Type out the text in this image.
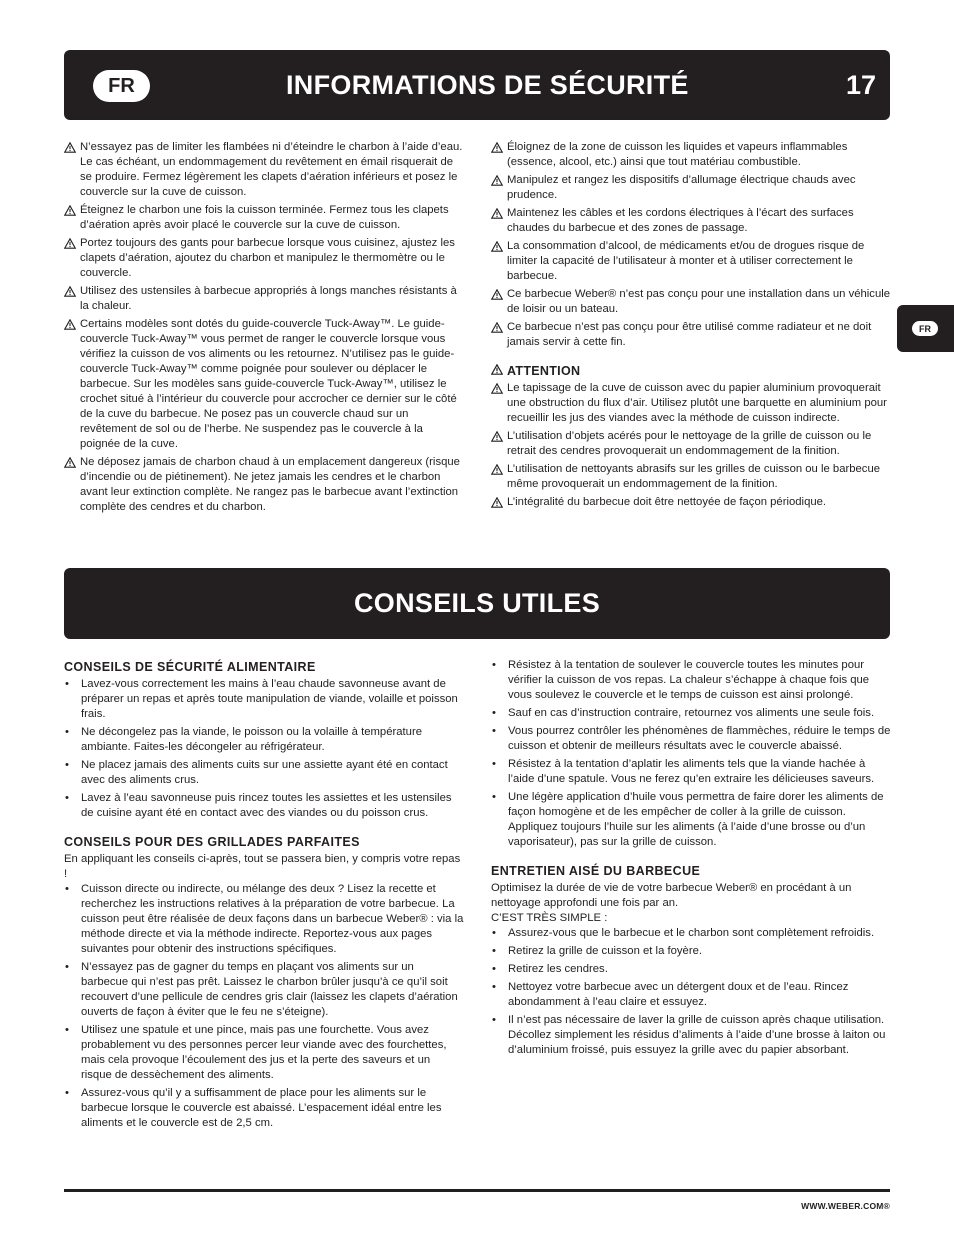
FR	INFORMATIONS DE SÉCURITÉ	17
FR
N’essayez pas de limiter les flambées ni d’éteindre le charbon à l’aide d’eau. Le cas échéant, un endommagement du revêtement en émail risquerait de se produire. Fermez légèrement les clapets d’aération inférieurs et posez le couvercle sur la cuve de cuisson.
Éteignez le charbon une fois la cuisson terminée. Fermez tous les clapets d’aération après avoir placé le couvercle sur la cuve de cuisson.
Portez toujours des gants pour barbecue lorsque vous cuisinez, ajustez les clapets d’aération, ajoutez du charbon et manipulez le thermomètre ou le couvercle.
Utilisez des ustensiles à barbecue appropriés à longs manches résistants à la chaleur.
Certains modèles sont dotés du guide-couvercle Tuck-Away™. Le guide-couvercle Tuck-Away™ vous permet de ranger le couvercle lorsque vous vérifiez la cuisson de vos aliments ou les retournez. N’utilisez pas le guide-couvercle Tuck-Away™ comme poignée pour soulever ou déplacer le barbecue. Sur les modèles sans guide-couvercle Tuck-Away™, utilisez le crochet situé à l’intérieur du couvercle pour accrocher ce dernier sur le côté de la cuve du barbecue. Ne posez pas un couvercle chaud sur un revêtement de sol ou de l’herbe. Ne suspendez pas le couvercle à la poignée de la cuve.
Ne déposez jamais de charbon chaud à un emplacement dangereux (risque d’incendie ou de piétinement). Ne jetez jamais les cendres et le charbon avant leur extinction complète. Ne rangez pas le barbecue avant l’extinction complète des cendres et du charbon.
Éloignez de la zone de cuisson les liquides et vapeurs inflammables (essence, alcool, etc.) ainsi que tout matériau combustible.
Manipulez et rangez les dispositifs d’allumage électrique chauds avec prudence.
Maintenez les câbles et les cordons électriques à l’écart des surfaces chaudes du barbecue et des zones de passage.
La consommation d’alcool, de médicaments et/ou de drogues risque de limiter la capacité de l’utilisateur à monter et à utiliser correctement le barbecue.
Ce barbecue Weber® n’est pas conçu pour une installation dans un véhicule de loisir ou un bateau.
Ce barbecue n’est pas conçu pour être utilisé comme radiateur et ne doit jamais servir à cette fin.
ATTENTION
Le tapissage de la cuve de cuisson avec du papier aluminium provoquerait une obstruction du flux d’air. Utilisez plutôt une barquette en aluminium pour recueillir les jus des viandes avec la méthode de cuisson indirecte.
L’utilisation d’objets acérés pour le nettoyage de la grille de cuisson ou le retrait des cendres provoquerait un endommagement de la finition.
L’utilisation de nettoyants abrasifs sur les grilles de cuisson ou le barbecue même provoquerait un endommagement de la finition.
L’intégralité du barbecue doit être nettoyée de façon périodique.
CONSEILS UTILES
CONSEILS DE SÉCURITÉ ALIMENTAIRE
•	Lavez-vous correctement les mains à l’eau chaude savonneuse avant de préparer un repas et après toute manipulation de viande, volaille et poisson frais.
•	Ne décongelez pas la viande, le poisson ou la volaille à température ambiante. Faites-les décongeler au réfrigérateur.
•	Ne placez jamais des aliments cuits sur une assiette ayant été en contact avec des aliments crus.
•	Lavez à l’eau savonneuse puis rincez toutes les assiettes et les ustensiles de cuisine ayant été en contact avec des viandes ou du poisson crus.
CONSEILS POUR DES GRILLADES PARFAITES
En appliquant les conseils ci-après, tout se passera bien, y compris votre repas !
•	Cuisson directe ou indirecte, ou mélange des deux ? Lisez la recette et recherchez les instructions relatives à la préparation de votre barbecue. La cuisson peut être réalisée de deux façons dans un barbecue Weber® : via la méthode directe et via la méthode indirecte. Reportez-vous aux pages suivantes pour obtenir des instructions spécifiques.
•	N’essayez pas de gagner du temps en plaçant vos aliments sur un barbecue qui n’est pas prêt. Laissez le charbon brûler jusqu’à ce qu’il soit recouvert d’une pellicule de cendres gris clair (laissez les clapets d’aération ouverts de façon à éviter que le feu ne s’éteigne).
•	Utilisez une spatule et une pince, mais pas une fourchette. Vous avez probablement vu des personnes percer leur viande avec des fourchettes, mais cela provoque l’écoulement des jus et la perte des saveurs et un risque de dessèchement des aliments.
•	Assurez-vous qu’il y a suffisamment de place pour les aliments sur le barbecue lorsque le couvercle est abaissé. L’espacement idéal entre les aliments et le couvercle est de 2,5 cm.
•	Résistez à la tentation de soulever le couvercle toutes les minutes pour vérifier la cuisson de vos repas. La chaleur s’échappe à chaque fois que vous soulevez le couvercle et le temps de cuisson est ainsi prolongé.
•	Sauf en cas d’instruction contraire, retournez vos aliments une seule fois.
•	Vous pourrez contrôler les phénomènes de flammèches, réduire le temps de cuisson et obtenir de meilleurs résultats avec le couvercle abaissé.
•	Résistez à la tentation d’aplatir les aliments tels que la viande hachée à l’aide d’une spatule. Vous ne ferez qu’en extraire les délicieuses saveurs.
•	Une légère application d’huile vous permettra de faire dorer les aliments de façon homogène et de les empêcher de coller à la grille de cuisson. Appliquez toujours l’huile sur les aliments (à l’aide d’une brosse ou d’un vaporisateur), pas sur la grille de cuisson.
ENTRETIEN AISÉ DU BARBECUE
Optimisez la durée de vie de votre barbecue Weber® en procédant à un nettoyage approfondi une fois par an.
C’EST TRÈS SIMPLE :
•	Assurez-vous que le barbecue et le charbon sont complètement refroidis.
•	Retirez la grille de cuisson et la foyère.
•	Retirez les cendres.
•	Nettoyez votre barbecue avec un détergent doux et de l’eau. Rincez abondamment à l’eau claire et essuyez.
•	Il n’est pas nécessaire de laver la grille de cuisson après chaque utilisation. Décollez simplement les résidus d’aliments à l’aide d’une brosse à laiton ou d’aluminium froissé, puis essuyez la grille avec du papier absorbant.
WWW.WEBER.COM®
